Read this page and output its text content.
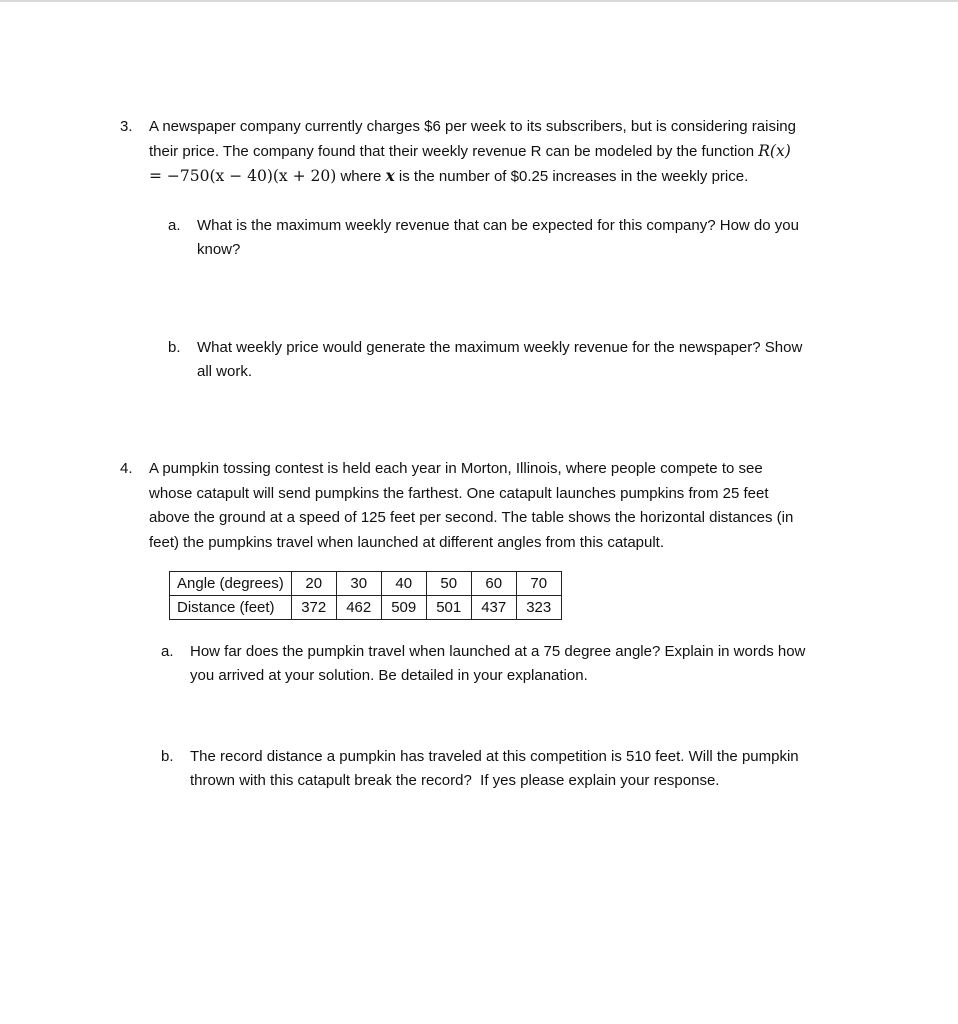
3. A newspaper company currently charges $6 per week to its subscribers, but is considering raising
their price. The company found that their weekly revenue R can be modeled by the function R(x)
= −750(x − 40)(x + 20) where x is the number of $0.25 increases in the weekly price.
a. What is the maximum weekly revenue that can be expected for this company? How do you
know?
b. What weekly price would generate the maximum weekly revenue for the newspaper? Show
all work.
4. A pumpkin tossing contest is held each year in Morton, Illinois, where people compete to see
whose catapult will send pumpkins the farthest. One catapult launches pumpkins from 25 feet
above the ground at a speed of 125 feet per second. The table shows the horizontal distances (in
feet) the pumpkins travel when launched at different angles from this catapult.
Angle (degrees)	20	30	40	50	60	70
Distance (feet)	372	462	509	501	437	323
a. How far does the pumpkin travel when launched at a 75 degree angle? Explain in words how
you arrived at your solution. Be detailed in your explanation.
b. The record distance a pumpkin has traveled at this competition is 510 feet. Will the pumpkin
thrown with this catapult break the record?  If yes please explain your response.
